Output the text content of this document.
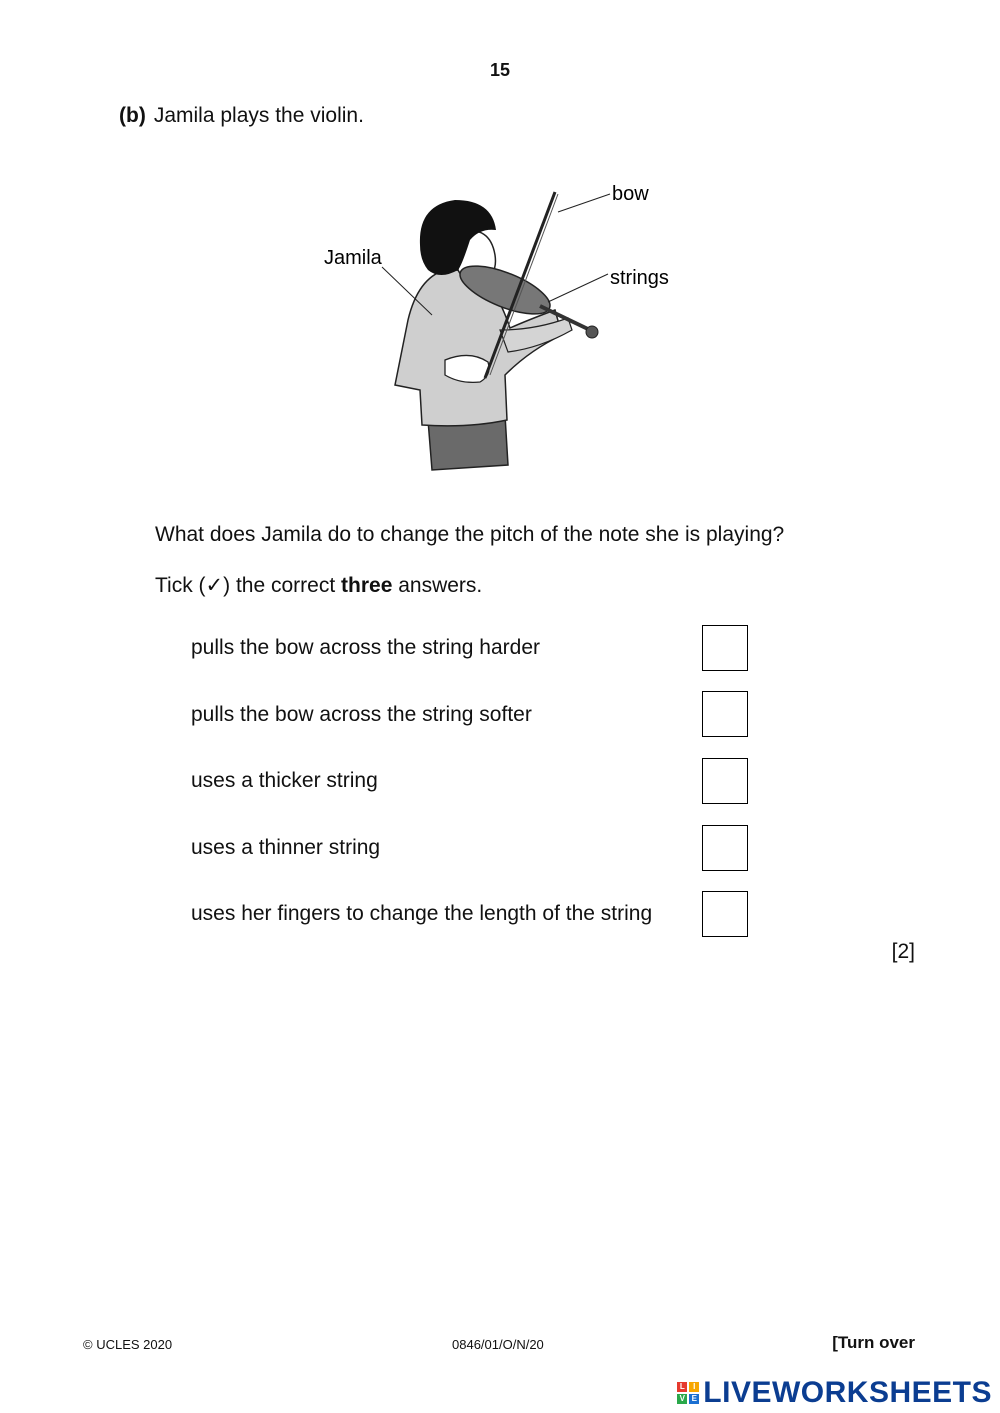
15
(b) Jamila plays the violin.
bow
Jamila
strings
What does Jamila do to change the pitch of the note she is playing?
Tick (✓) the correct three answers.
pulls the bow across the string harder
pulls the bow across the string softer
uses a thicker string
uses a thinner string
uses her fingers to change the length of the string
[2]
© UCLES 2020	0846/01/O/N/20	[Turn over
L	I
V E LIVEWORKSHEETS
